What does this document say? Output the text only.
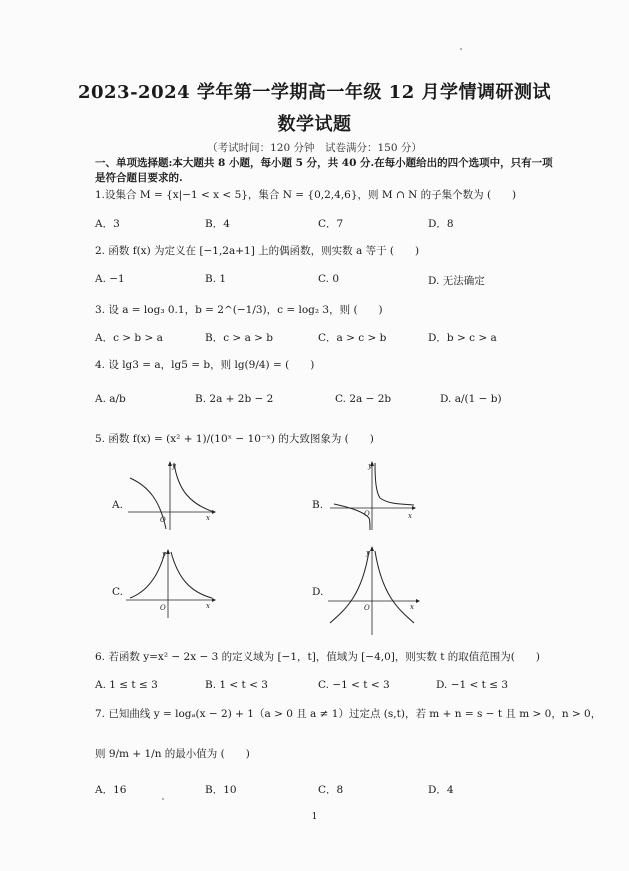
2023-2024 学年第一学期高一年级 12 月学情调研测试
数学试题
（考试时间：120 分钟　试卷满分：150 分）
一、单项选择题:本大题共 8 小题，每小题 5 分，共 40 分.在每小题给出的四个选项中，只有一项
是符合题目要求的.
1.设集合 M = {x|−1 < x < 5}，集合 N = {0,2,4,6}，则 M ∩ N 的子集个数为 (　　)
A．3	B．4	C．7	D．8
2. 函数 f(x) 为定义在 [−1,2a+1] 上的偶函数，则实数 a 等于 (　　)
A. −1	B. 1	C. 0	D. 无法确定
3. 设 a = log₃ 0.1，b = 2^(−1/3)，c = log₂ 3，则 (　　)
A．c > b > a	B．c > a > b	C．a > c > b	D．b > c > a
4. 设 lg3 = a，lg5 = b，则 lg(9/4) = (　　)
A. a/b	B. 2a + 2b − 2	C. 2a − 2b	D. a/(1 − b)
5. 函数 f(x) = (x² + 1)/(10ˣ − 10⁻ˣ) 的大致图象为 (　　)
A.
y
x
O
B.
y
x
O
C.
y
x
O
D.
y
x
O
6. 若函数 y=x² − 2x − 3 的定义域为 [−1，t]，值域为 [−4,0]，则实数 t 的取值范围为(　　)
A. 1 ≤ t ≤ 3	B. 1 < t < 3	C. −1 < t < 3	D. −1 < t ≤ 3
7. 已知曲线 y = logₐ(x − 2) + 1（a > 0 且 a ≠ 1）过定点 (s,t)，若 m + n = s − t 且 m > 0，n > 0，
则 9/m + 1/n 的最小值为 (　　)
A．16	B．10	C．8	D．4
1
